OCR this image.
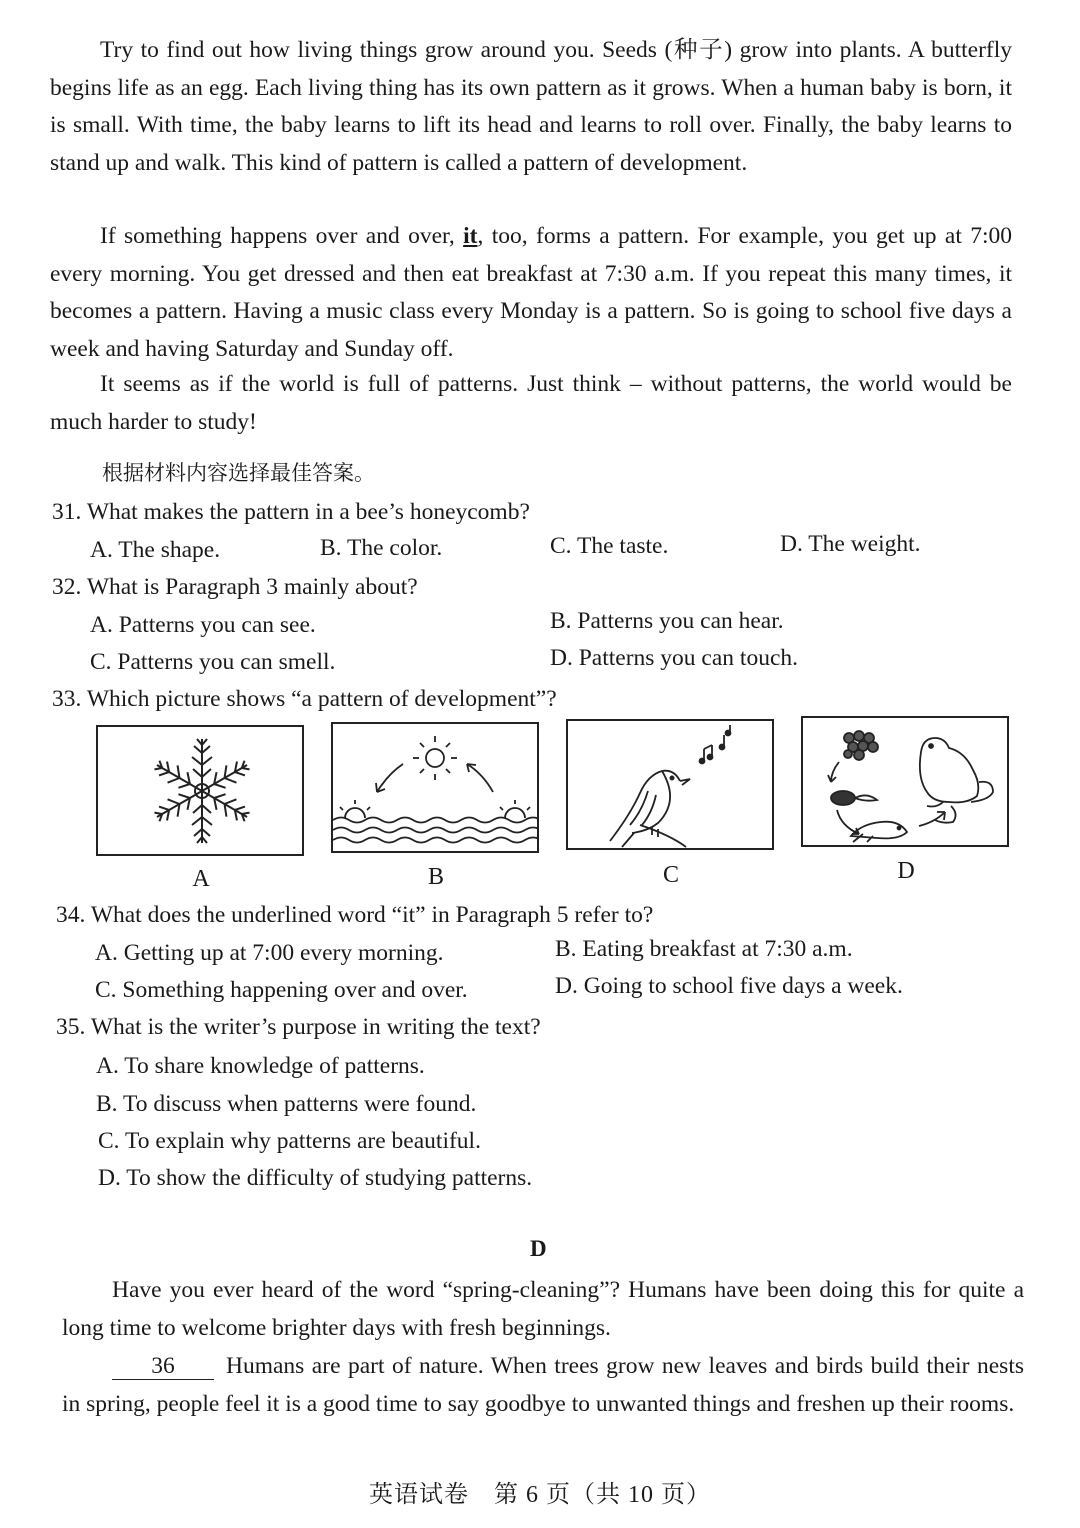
Try to find out how living things grow around you. Seeds (种子) grow into plants. A butterfly begins life as an egg. Each living thing has its own pattern as it grows. When a human baby is born, it is small. With time, the baby learns to lift its head and learns to roll over. Finally, the baby learns to stand up and walk. This kind of pattern is called a pattern of development.

If something happens over and over, it, too, forms a pattern. For example, you get up at 7:00 every morning. You get dressed and then eat breakfast at 7:30 a.m. If you repeat this many times, it becomes a pattern. Having a music class every Monday is a pattern. So is going to school five days a week and having Saturday and Sunday off.

It seems as if the world is full of patterns. Just think – without patterns, the world would be much harder to study!

根据材料内容选择最佳答案。
31. What makes the pattern in a bee’s honeycomb?
A. The shape.	B. The color.	C. The taste.	D. The weight.
32. What is Paragraph 3 mainly about?
A. Patterns you can see.	B. Patterns you can hear.
C. Patterns you can smell.	D. Patterns you can touch.
33. Which picture shows “a pattern of development”?
A	B	C	D
34. What does the underlined word “it” in Paragraph 5 refer to?
A. Getting up at 7:00 every morning.	B. Eating breakfast at 7:30 a.m.
C. Something happening over and over.	D. Going to school five days a week.
35. What is the writer’s purpose in writing the text?
A. To share knowledge of patterns.
B. To discuss when patterns were found.
C. To explain why patterns are beautiful.
D. To show the difficulty of studying patterns.
D

Have you ever heard of the word “spring-cleaning”? Humans have been doing this for quite a long time to welcome brighter days with fresh beginnings.

36 Humans are part of nature. When trees grow new leaves and birds build their nests in spring, people feel it is a good time to say goodbye to unwanted things and freshen up their rooms.

英语试卷　第 6 页（共 10 页）
